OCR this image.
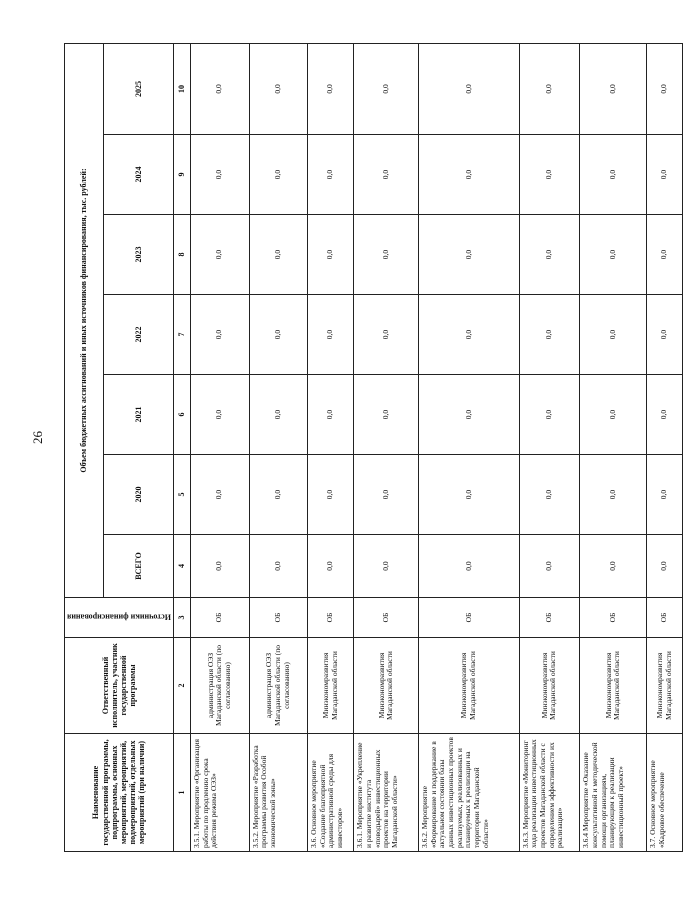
26
Наименование государственной программы, подпрограммы, основных мероприятий, мероприятий, подмероприятий, отдельных мероприятий (при наличии)	Ответственный исполнитель, участник государственной программы	Источники финансирования	Объем бюджетных ассигнований и иных источников финансирования, тыс. рублей:						
			ВСЕГО	2020	2021	2022	2023	2024	2025
1	2	3	4	5	6	7	8	9	10
3.5.1. Мероприятие «Организация работы по продлению срока действия режима ОЭЗ»	администрация ОЭЗ Магаданской области (по согласованию)	ОБ	0,0	0,0	0,0	0,0	0,0	0,0	0,0
3.5.2. Мероприятие «Разработка программы развития Особой экономической зоны»	администрация ОЭЗ Магаданской области (по согласованию)	ОБ	0,0	0,0	0,0	0,0	0,0	0,0	0,0
3.6. Основное мероприятие «Создание благоприятной административной среды для инвесторов»	Минэкономразвития Магаданской области	ОБ	0,0	0,0	0,0	0,0	0,0	0,0	0,0
3.6.1. Мероприятие «Укрепление и развитие института «поводырей» инвестиционных проектов на территории Магаданской области»	Минэкономразвития Магаданской области	ОБ	0,0	0,0	0,0	0,0	0,0	0,0	0,0
3.6.2. Мероприятие «Формирование и поддержание в актуальном состоянии базы данных инвестиционных проектов реализуемых, реализованных и планируемых к реализации на территории Магаданской области»	Минэкономразвития Магаданской области	ОБ	0,0	0,0	0,0	0,0	0,0	0,0	0,0
3.6.3. Мероприятие «Мониторинг хода реализации инвестиционных проектов Магаданской области с определением эффективности их реализации»	Минэкономразвития Магаданской области	ОБ	0,0	0,0	0,0	0,0	0,0	0,0	0,0
3.6.4 Мероприятие «Оказание консультативной и методической помощи организациям, планирующим к реализации инвестиционный проект»	Минэкономразвития Магаданской области	ОБ	0,0	0,0	0,0	0,0	0,0	0,0	0,0
3.7. Основное мероприятие «Кадровое обеспечение	Минэкономразвития Магаданской области	ОБ	0,0	0,0	0,0	0,0	0,0	0,0	0,0
